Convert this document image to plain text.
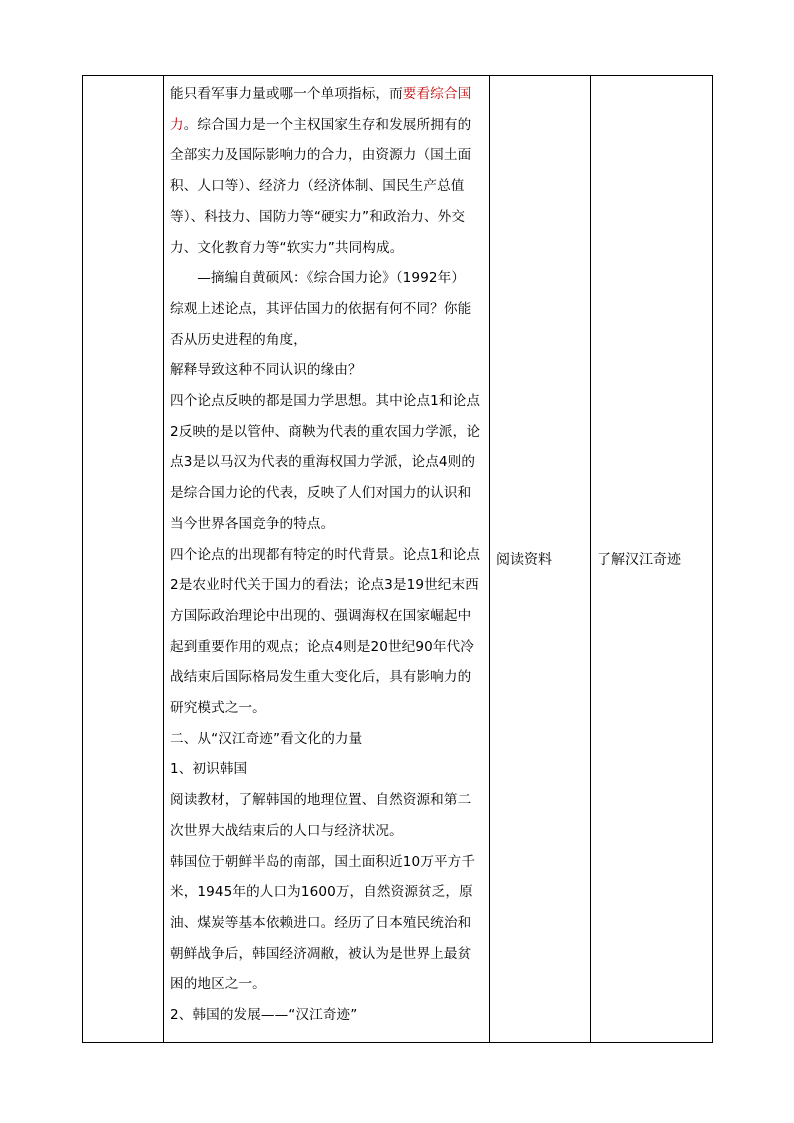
能只看军事力量或哪一个单项指标，而要看综合国力。综合国力是一个主权国家生存和发展所拥有的全部实力及国际影响力的合力，由资源力（国土面积、人口等）、经济力（经济体制、国民生产总值等）、科技力、国防力等“硬实力”和政治力、外交力、文化教育力等“软实力”共同构成。

—摘编自黄硕风：《综合国力论》（1992年）

综观上述论点，其评估国力的依据有何不同？你能否从历史进程的角度，

解释导致这种不同认识的缘由？

四个论点反映的都是国力学思想。其中论点1和论点2反映的是以管仲、商鞅为代表的重农国力学派，论点3是以马汉为代表的重海权国力学派，论点4则的是综合国力论的代表，反映了人们对国力的认识和当今世界各国竞争的特点。

四个论点的出现都有特定的时代背景。论点1和论点2是农业时代关于国力的看法；论点3是19世纪末西方国际政治理论中出现的、强调海权在国家崛起中起到重要作用的观点；论点4则是20世纪90年代冷战结束后国际格局发生重大变化后，具有影响力的研究模式之一。

二、从“汉江奇迹”看文化的力量

1、初识韩国

阅读教材，了解韩国的地理位置、自然资源和第二次世界大战结束后的人口与经济状况。

韩国位于朝鲜半岛的南部，国土面积近10万平方千米，1945年的人口为1600万，自然资源贫乏，原油、煤炭等基本依赖进口。经历了日本殖民统治和朝鲜战争后，韩国经济凋敝，被认为是世界上最贫困的地区之一。

2、韩国的发展——“汉江奇迹”

阅读资料	了解汉江奇迹
